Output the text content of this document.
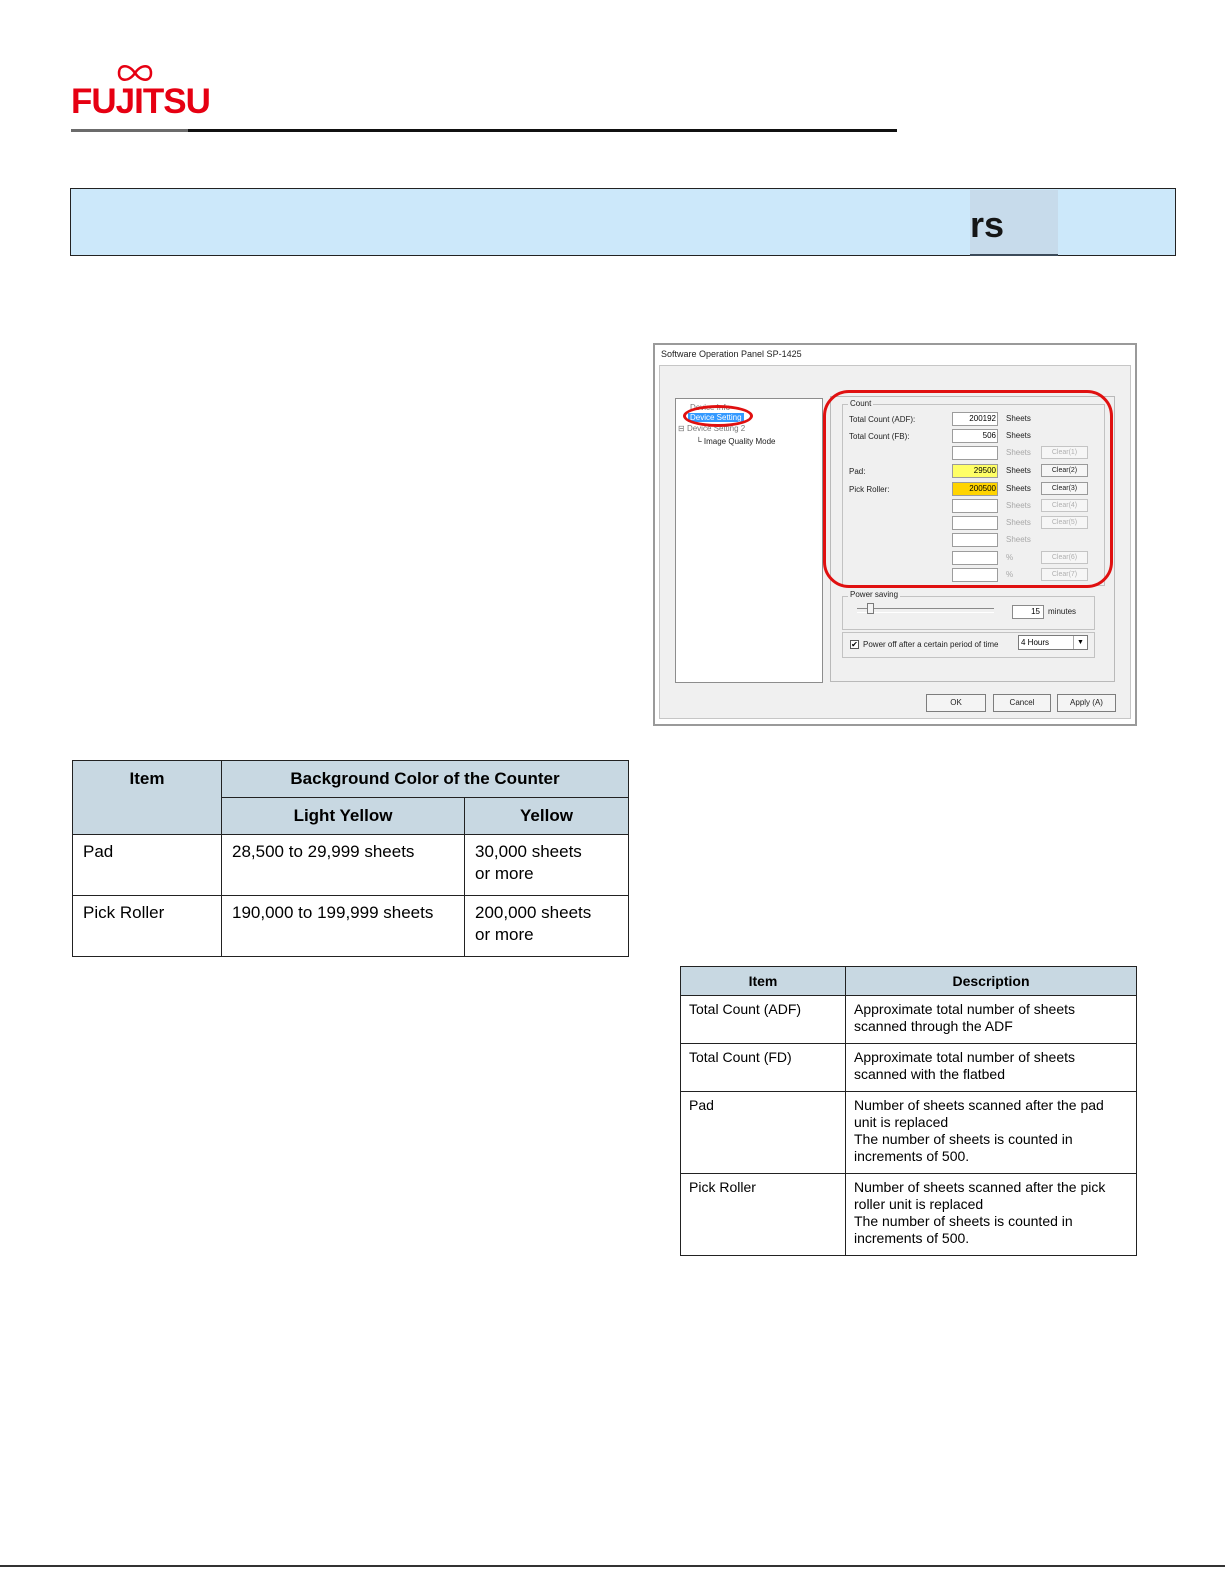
FUJITSU
rs
Software Operation Panel SP-1425
Device Info
Device Setting
⊟ Device Setting 2
└ Image Quality Mode
Count
Total Count (ADF):	200192 Sheets
Total Count (FB):	506 Sheets
Sheets	Clear(1)
Pad:	29500 Sheets	Clear(2)
Pick Roller:	200500 Sheets	Clear(3)
Sheets	Clear(4)
Sheets	Clear(5)
Sheets
%	Clear(6)
%	Clear(7)
Power saving
15	minutes
✔ Power off after a certain period of time	4 Hours	▼
OK	Cancel	Apply (A)
Item	Background Color of the Counter	
	Light Yellow	Yellow
Pad	28,500 to 29,999 sheets	30,000 sheets
or more
Pick Roller	190,000 to 199,999 sheets	200,000 sheets
or more
Item	Description
Total Count (ADF)	Approximate total number of sheets
scanned through the ADF
Total Count (FD)	Approximate total number of sheets
scanned with the flatbed
Pad	Number of sheets scanned after the pad
unit is replaced
The number of sheets is counted in
increments of 500.
Pick Roller	Number of sheets scanned after the pick
roller unit is replaced
The number of sheets is counted in
increments of 500.
